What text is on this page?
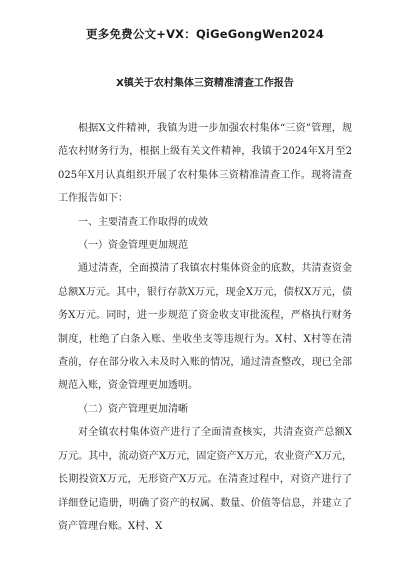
更多免费公文+VX：QiGeGongWen2024
X镇关于农村集体三资精准清查工作报告

根据X文件精神，我镇为进一步加强农村集体“三资”管理，规范农村财务行为，根据上级有关文件精神，我镇于2024年X月至2025年X月认真组织开展了农村集体三资精准清查工作。现将清查工作报告如下：

一、主要清查工作取得的成效
（一）资金管理更加规范

通过清查，全面摸清了我镇农村集体资金的底数，共清查资金总额X万元。其中，银行存款X万元，现金X万元，债权X万元，债务X万元。同时，进一步规范了资金收支审批流程，严格执行财务制度，杜绝了白条入账、坐收坐支等违规行为。X村、X村等在清查前，存在部分收入未及时入账的情况，通过清查整改，现已全部规范入账，资金管理更加透明。

（二）资产管理更加清晰

对全镇农村集体资产进行了全面清查核实，共清查资产总额X万元。其中，流动资产X万元，固定资产X万元，农业资产X万元，长期投资X万元，无形资产X万元。在清查过程中，对资产进行了详细登记造册，明确了资产的权属、数量、价值等信息，并建立了资产管理台账。X村、X
